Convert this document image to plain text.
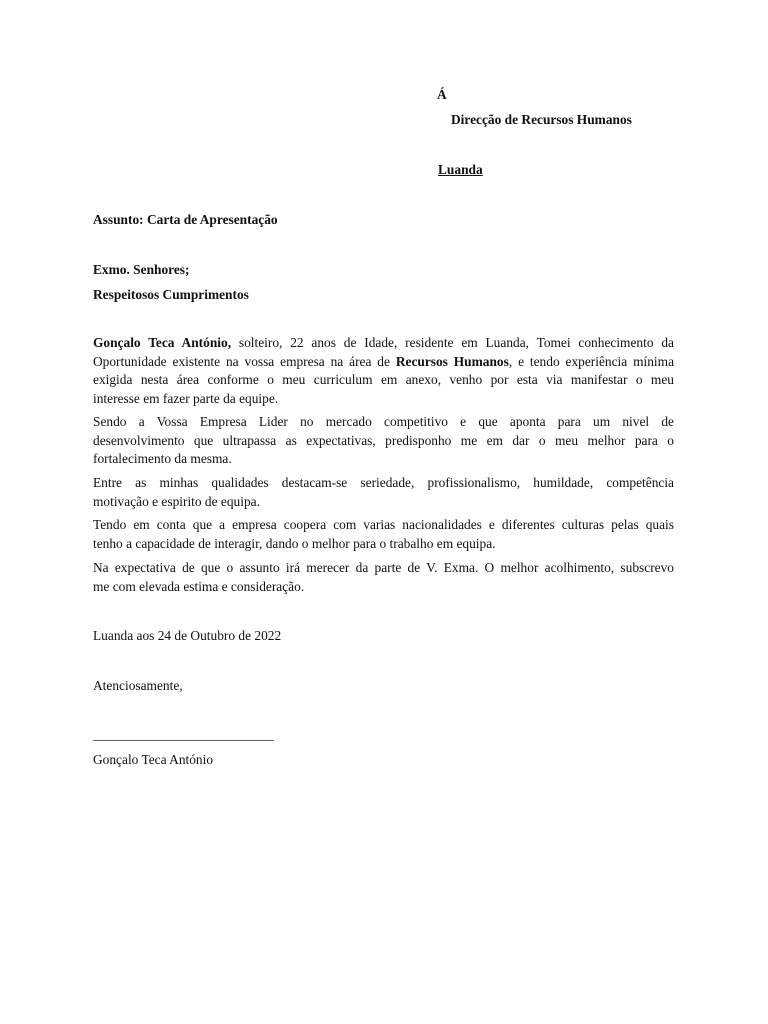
Á
Direcção de Recursos Humanos
Luanda
Assunto: Carta de Apresentação
Exmo. Senhores;
Respeitosos Cumprimentos
Gonçalo Teca António, solteiro, 22 anos de Idade, residente em Luanda, Tomei conhecimento da
Oportunidade existente na vossa empresa na área de Recursos Humanos, e tendo experiência mínima
exigida nesta área conforme o meu curriculum em anexo, venho por esta via manifestar o meu
interesse em fazer parte da equipe.
Sendo a Vossa Empresa Lider no mercado competitivo e que aponta para um nivel de
desenvolvimento que ultrapassa as expectativas, predisponho me em dar o meu melhor para o
fortalecimento da mesma.
Entre as minhas qualidades destacam-se seriedade, profissionalismo, humildade, competência
motivação e espirito de equipa.
Tendo em conta que a empresa coopera com varias nacionalidades e diferentes culturas pelas quais
tenho a capacidade de interagir, dando o melhor para o trabalho em equipa.
Na expectativa de que o assunto irá merecer da parte de V. Exma. O melhor acolhimento, subscrevo
me com elevada estima e consideração.
Luanda aos 24 de Outubro de 2022
Atenciosamente,
___________________________
Gonçalo Teca António
